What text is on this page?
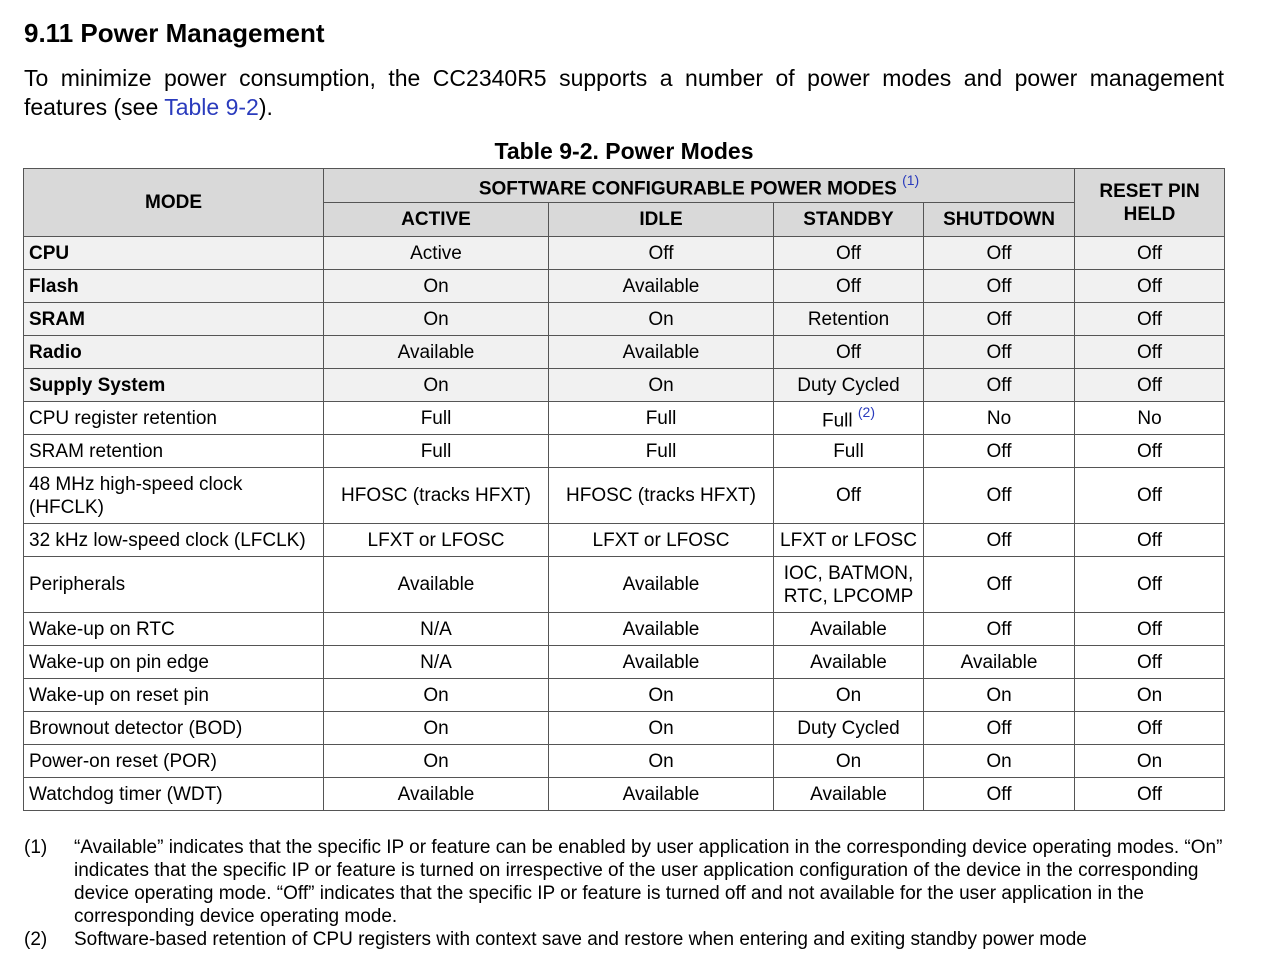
9.11 Power Management

To minimize power consumption, the CC2340R5 supports a number of power modes and power management features (see Table 9-2).

Table 9-2. Power Modes
MODE	SOFTWARE CONFIGURABLE POWER MODES $^{(1)}$				RESET PIN HELD
	ACTIVE	IDLE	STANDBY	SHUTDOWN	
CPU	Active	Off	Off	Off	Off
Flash	On	Available	Off	Off	Off
SRAM	On	On	Retention	Off	Off
Radio	Available	Available	Off	Off	Off
Supply System	On	On	Duty Cycled	Off	Off
CPU register retention	Full	Full	Full $^{(2)}$	No	No
SRAM retention	Full	Full	Full	Off	Off
48 MHz high-speed clock (HFCLK)	HFOSC (tracks HFXT)	HFOSC (tracks HFXT)	Off	Off	Off
32 kHz low-speed clock (LFCLK)	LFXT or LFOSC	LFXT or LFOSC	LFXT or LFOSC	Off	Off
Peripherals	Available	Available	IOC, BATMON, RTC, LPCOMP	Off	Off
Wake-up on RTC	N/A	Available	Available	Off	Off
Wake-up on pin edge	N/A	Available	Available	Available	Off
Wake-up on reset pin	On	On	On	On	On
Brownout detector (BOD)	On	On	Duty Cycled	Off	Off
Power-on reset (POR)	On	On	On	On	On
Watchdog timer (WDT)	Available	Available	Available	Off	Off
(1)	“Available” indicates that the specific IP or feature can be enabled by user application in the corresponding device operating modes. “On” indicates that the specific IP or feature is turned on irrespective of the user application configuration of the device in the corresponding device operating mode. “Off” indicates that the specific IP or feature is turned off and not available for the user application in the corresponding device operating mode.
(2)	Software-based retention of CPU registers with context save and restore when entering and exiting standby power mode
